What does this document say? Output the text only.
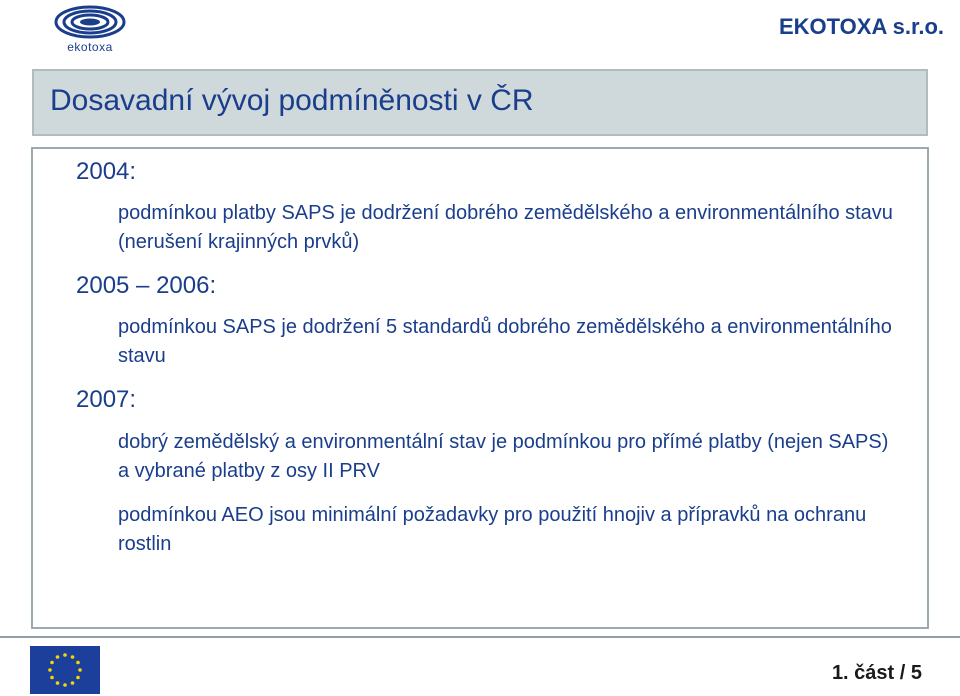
ekotoxa
EKOTOXA s.r.o.
Dosavadní vývoj podmíněnosti v ČR
2004:
podmínkou platby SAPS je dodržení dobrého zemědělského a environmentálního stavu (nerušení krajinných prvků)
2005 – 2006:
podmínkou SAPS je dodržení 5 standardů dobrého zemědělského a environmentálního stavu
2007:
dobrý zemědělský a environmentální stav je podmínkou pro přímé platby (nejen SAPS) a vybrané platby z osy II PRV
podmínkou AEO jsou minimální požadavky pro použití hnojiv a přípravků na ochranu rostlin
1. část / 5
